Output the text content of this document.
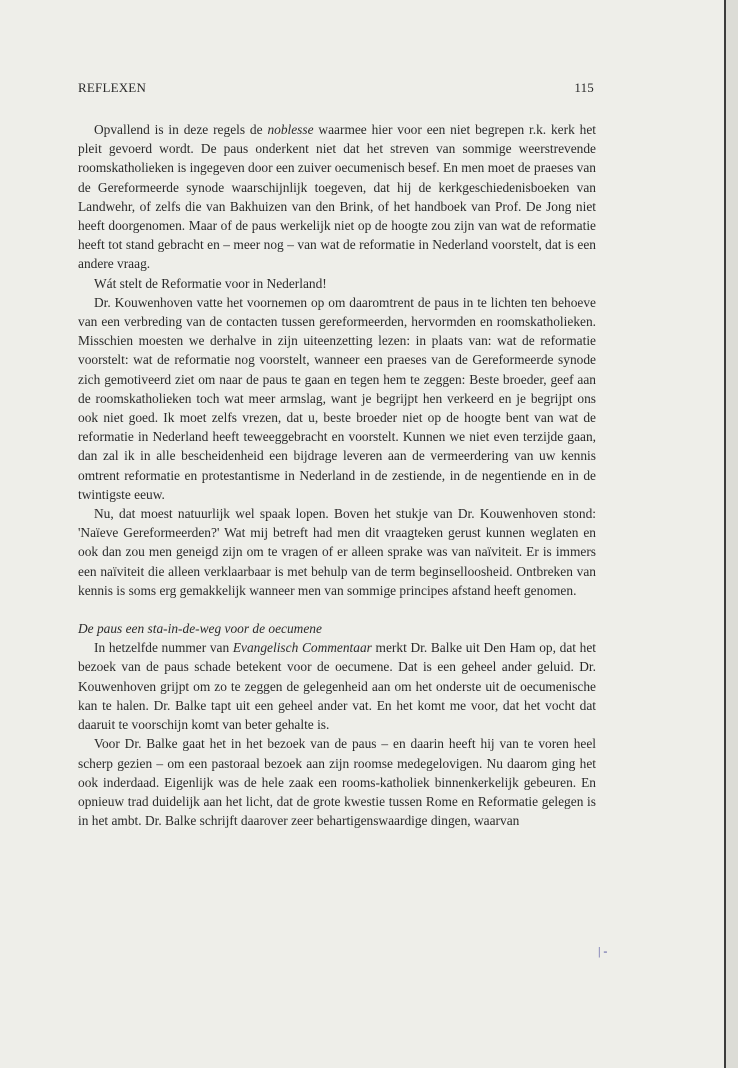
REFLEXEN	115

Opvallend is in deze regels de noblesse waarmee hier voor een niet begrepen r.k. kerk het pleit gevoerd wordt. De paus onderkent niet dat het streven van sommige weerstrevende roomskatholieken is ingegeven door een zuiver oecumenisch besef. En men moet de praeses van de Gereformeerde synode waarschijnlijk toegeven, dat hij de kerkgeschiedenisboeken van Landwehr, of zelfs die van Bakhuizen van den Brink, of het handboek van Prof. De Jong niet heeft doorgenomen. Maar of de paus werkelijk niet op de hoogte zou zijn van wat de reformatie heeft tot stand gebracht en – meer nog – van wat de reformatie in Nederland voorstelt, dat is een andere vraag.

Wát stelt de Reformatie voor in Nederland!

Dr. Kouwenhoven vatte het voornemen op om daaromtrent de paus in te lichten ten behoeve van een verbreding van de contacten tussen gereformeerden, hervormden en roomskatholieken. Misschien moesten we derhalve in zijn uiteenzetting lezen: in plaats van: wat de reformatie voorstelt: wat de reformatie nog voorstelt, wanneer een praeses van de Gereformeerde synode zich gemotiveerd ziet om naar de paus te gaan en tegen hem te zeggen: Beste broeder, geef aan de roomskatholieken toch wat meer armslag, want je begrijpt hen verkeerd en je begrijpt ons ook niet goed. Ik moet zelfs vrezen, dat u, beste broeder niet op de hoogte bent van wat de reformatie in Nederland heeft teweeggebracht en voorstelt. Kunnen we niet even terzijde gaan, dan zal ik in alle bescheidenheid een bijdrage leveren aan de vermeerdering van uw kennis omtrent reformatie en protestantisme in Nederland in de zestiende, in de negentiende en in de twintigste eeuw.

Nu, dat moest natuurlijk wel spaak lopen. Boven het stukje van Dr. Kouwenhoven stond: 'Naïeve Gereformeerden?' Wat mij betreft had men dit vraagteken gerust kunnen weglaten en ook dan zou men geneigd zijn om te vragen of er alleen sprake was van naïviteit. Er is immers een naïviteit die alleen verklaarbaar is met behulp van de term beginselloosheid. Ontbreken van kennis is soms erg gemakkelijk wanneer men van sommige principes afstand heeft genomen.

De paus een sta-in-de-weg voor de oecumene

In hetzelfde nummer van Evangelisch Commentaar merkt Dr. Balke uit Den Ham op, dat het bezoek van de paus schade betekent voor de oecumene. Dat is een geheel ander geluid. Dr. Kouwenhoven grijpt om zo te zeggen de gelegenheid aan om het onderste uit de oecumenische kan te halen. Dr. Balke tapt uit een geheel ander vat. En het komt me voor, dat het vocht dat daaruit te voorschijn komt van beter gehalte is.

Voor Dr. Balke gaat het in het bezoek van de paus – en daarin heeft hij van te voren heel scherp gezien – om een pastoraal bezoek aan zijn roomse medegelovigen. Nu daarom ging het ook inderdaad. Eigenlijk was de hele zaak een rooms-katholiek binnenkerkelijk gebeuren. En opnieuw trad duidelijk aan het licht, dat de grote kwestie tussen Rome en Reformatie gelegen is in het ambt. Dr. Balke schrijft daarover zeer behartigenswaardige dingen, waarvan

| -
